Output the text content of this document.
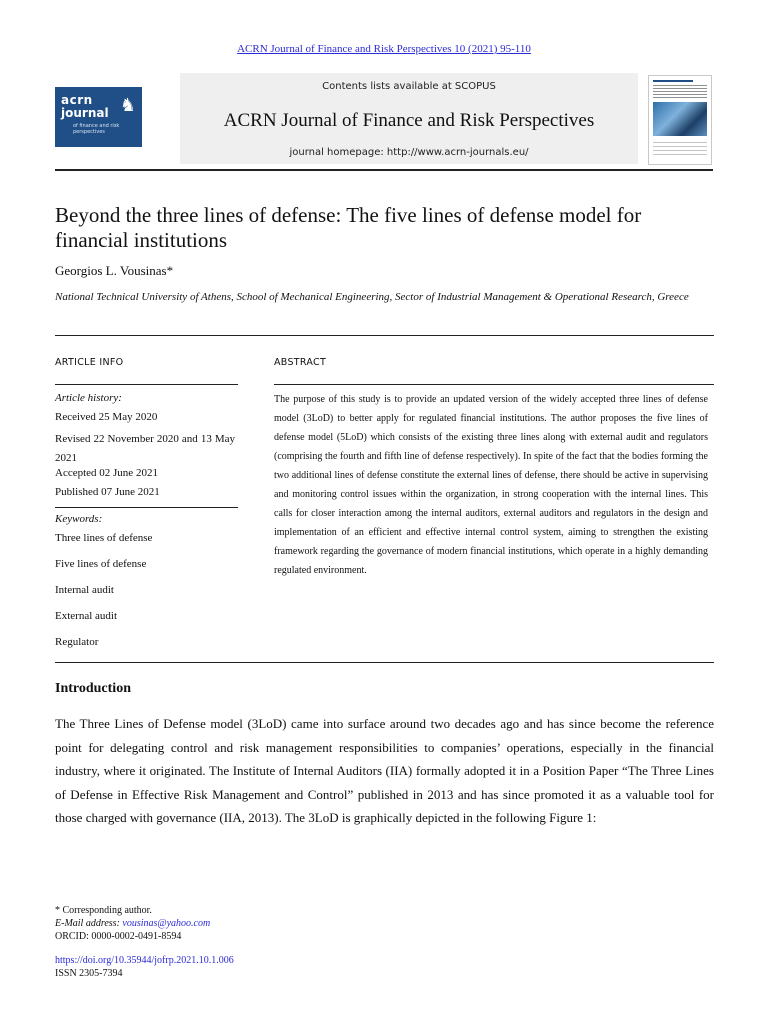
ACRN Journal of Finance and Risk Perspectives 10 (2021) 95-110
acrn
journal
of finance and risk perspectives
♞
Contents lists available at SCOPUS
ACRN Journal of Finance and Risk Perspectives
journal homepage: http://www.acrn-journals.eu/
Beyond the three lines of defense: The five lines of defense model for financial institutions
Georgios L. Vousinas*
National Technical University of Athens, School of Mechanical Engineering, Sector of Industrial Management & Operational Research, Greece
ARTICLE INFO
Article history:
Received 25 May 2020
Revised 22 November 2020 and 13 May 2021
Accepted 02 June 2021
Published 07 June 2021
Keywords:
Three lines of defense
Five lines of defense
Internal audit
External audit
Regulator
ABSTRACT
The purpose of this study is to provide an updated version of the widely accepted three lines of defense model (3LoD) to better apply for regulated financial institutions. The author proposes the five lines of defense model (5LoD) which consists of the existing three lines along with external audit and regulators (comprising the fourth and fifth line of defense respectively). In spite of the fact that the bodies forming the two additional lines of defense constitute the external lines of defense, there should be active in supervising and monitoring control issues within the organization, in strong cooperation with the internal lines. This calls for closer interaction among the internal auditors, external auditors and regulators in the design and implementation of an efficient and effective internal control system, aiming to strengthen the existing framework regarding the governance of modern financial institutions, which operate in a highly demanding regulated environment.
Introduction
The Three Lines of Defense model (3LoD) came into surface around two decades ago and has since become the reference point for delegating control and risk management responsibilities to companies’ operations, especially in the financial industry, where it originated. The Institute of Internal Auditors (IIA) formally adopted it in a Position Paper “The Three Lines of Defense in Effective Risk Management and Control” published in 2013 and has since promoted it as a valuable tool for those charged with governance (IIA, 2013). The 3LoD is graphically depicted in the following Figure 1:
* Corresponding author.
E-Mail address: vousinas@yahoo.com
ORCID: 0000-0002-0491-8594
https://doi.org/10.35944/jofrp.2021.10.1.006
ISSN 2305-7394
